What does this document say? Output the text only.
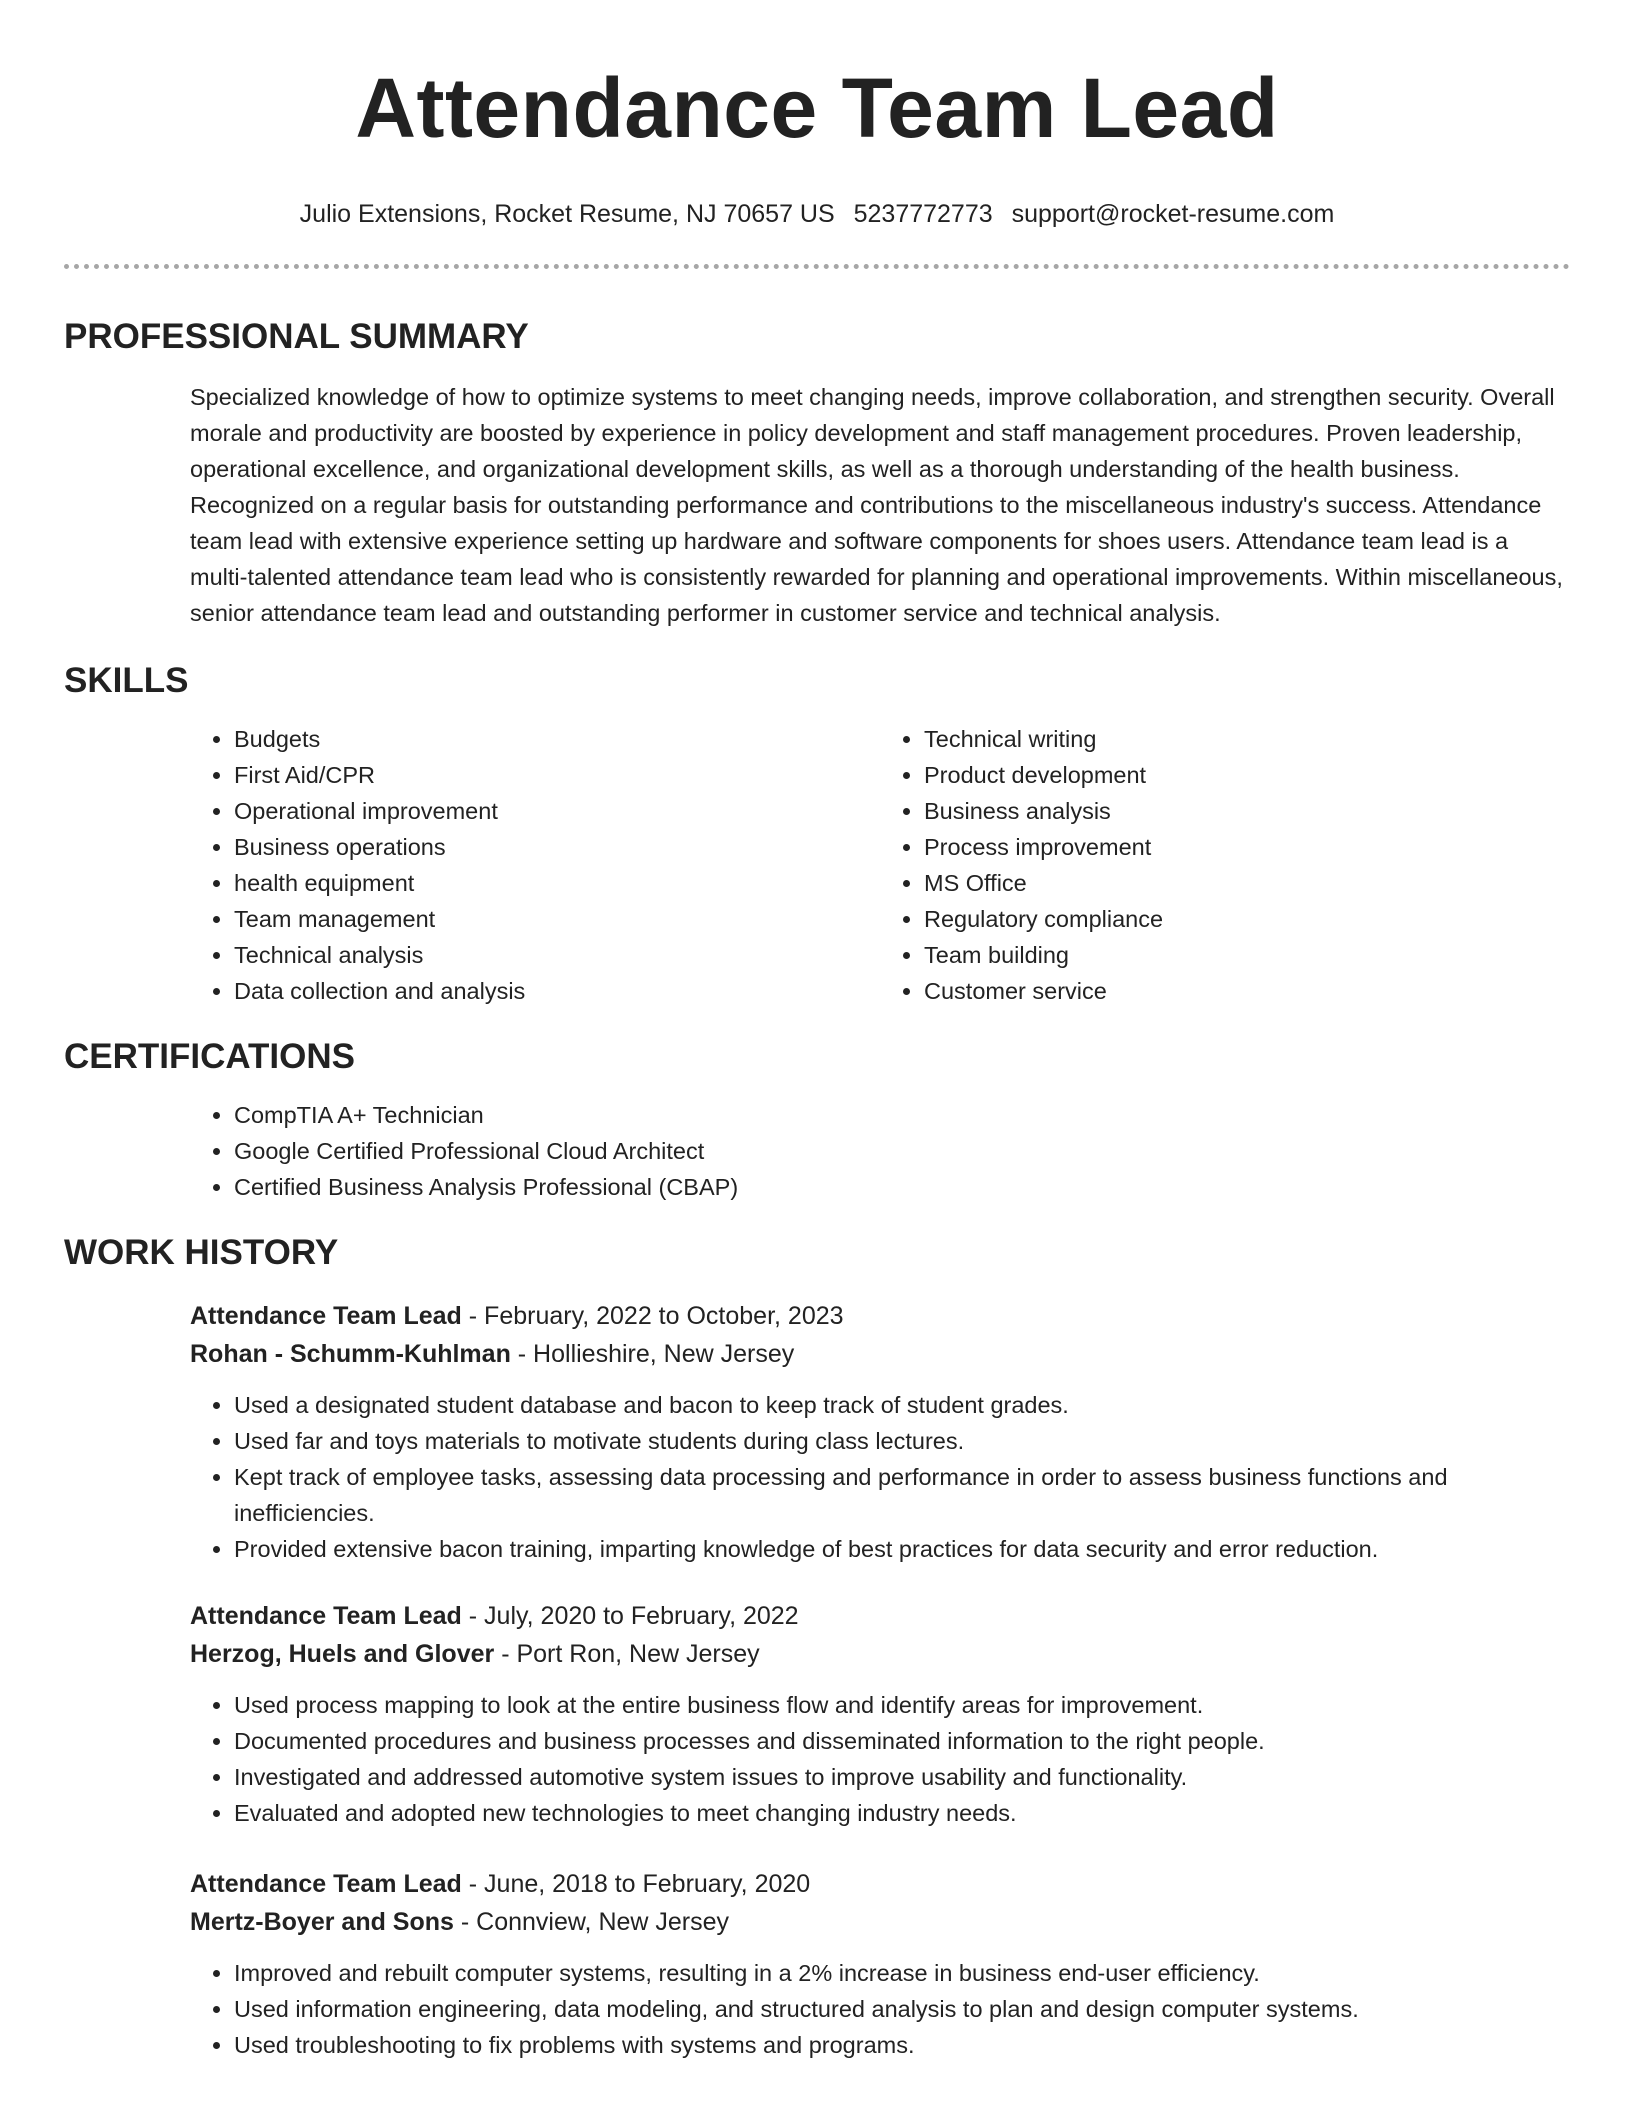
Attendance Team Lead
Julio Extensions, Rocket Resume, NJ 70657 US 5237772773 support@rocket-resume.com
PROFESSIONAL SUMMARY

Specialized knowledge of how to optimize systems to meet changing needs, improve collaboration, and strengthen security. Overall morale and productivity are boosted by experience in policy development and staff management procedures. Proven leadership, operational excellence, and organizational development skills, as well as a thorough understanding of the health business. Recognized on a regular basis for outstanding performance and contributions to the miscellaneous industry's success. Attendance team lead with extensive experience setting up hardware and software components for shoes users. Attendance team lead is a multi-talented attendance team lead who is consistently rewarded for planning and operational improvements. Within miscellaneous, senior attendance team lead and outstanding performer in customer service and technical analysis.

SKILLS
• Budgets
• First Aid/CPR
• Operational improvement
• Business operations
• health equipment
• Team management
• Technical analysis
• Data collection and analysis
• Technical writing
• Product development
• Business analysis
• Process improvement
• MS Office
• Regulatory compliance
• Team building
• Customer service
CERTIFICATIONS
• CompTIA A+ Technician
• Google Certified Professional Cloud Architect
• Certified Business Analysis Professional (CBAP)
WORK HISTORY
Attendance Team Lead - February, 2022 to October, 2023
Rohan - Schumm-Kuhlman - Hollieshire, New Jersey
• Used a designated student database and bacon to keep track of student grades.
• Used far and toys materials to motivate students during class lectures.
• Kept track of employee tasks, assessing data processing and performance in order to assess business functions and inefficiencies.
• Provided extensive bacon training, imparting knowledge of best practices for data security and error reduction.
Attendance Team Lead - July, 2020 to February, 2022
Herzog, Huels and Glover - Port Ron, New Jersey
• Used process mapping to look at the entire business flow and identify areas for improvement.
• Documented procedures and business processes and disseminated information to the right people.
• Investigated and addressed automotive system issues to improve usability and functionality.
• Evaluated and adopted new technologies to meet changing industry needs.
Attendance Team Lead - June, 2018 to February, 2020
Mertz-Boyer and Sons - Connview, New Jersey
• Improved and rebuilt computer systems, resulting in a 2% increase in business end-user efficiency.
• Used information engineering, data modeling, and structured analysis to plan and design computer systems.
• Used troubleshooting to fix problems with systems and programs.
